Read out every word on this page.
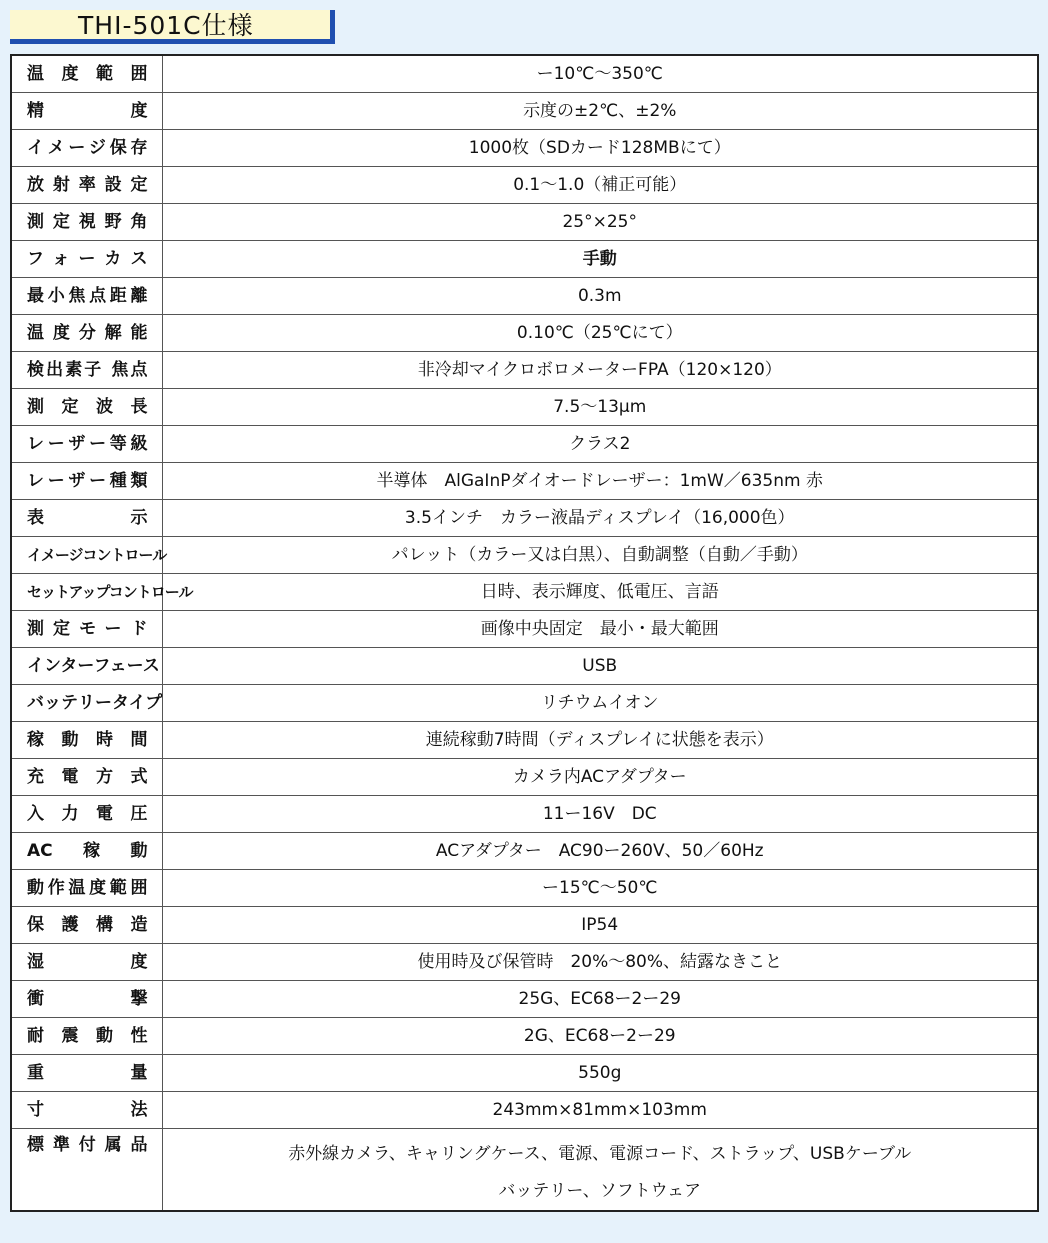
THI-501C仕様
温度範囲	ー10℃～350℃
精度	示度の±2℃、±2%
イメージ保存	1000枚（SDカード128MBにて）
放射率設定	0.1～1.0（補正可能）
測定視野角	25°×25°
フォーカス	手動
最小焦点距離	0.3m
温度分解能	0.10℃（25℃にて）
検出素子 焦点	非冷却マイクロボロメーターFPA（120×120）
測定波長	7.5～13μm
レーザー等級	クラス2
レーザー種類	半導体　AlGaInPダイオードレーザー：1mW／635nm 赤
表示	3.5インチ　カラー液晶ディスプレイ（16,000色）
イメージコントロール	パレット（カラー又は白黒）、自動調整（自動／手動）
セットアップコントロール	日時、表示輝度、低電圧、言語
測定モード	画像中央固定　最小・最大範囲
インターフェース	USB
バッテリータイプ	リチウムイオン
稼動時間	連続稼動7時間（ディスプレイに状態を表示）
充電方式	カメラ内ACアダプター
入力電圧	11ー16V　DC
AC稼動	ACアダプター　AC90ー260V、50／60Hz
動作温度範囲	ー15℃～50℃
保護構造	IP54
湿度	使用時及び保管時　20%～80%、結露なきこと
衝撃	25G、EC68ー2ー29
耐震動性	2G、EC68ー2ー29
重量	550g
寸法	243mm×81mm×103mm
標準付属品	赤外線カメラ、キャリングケース、電源、電源コード、ストラップ、USBケーブル
バッテリー、ソフトウェア
